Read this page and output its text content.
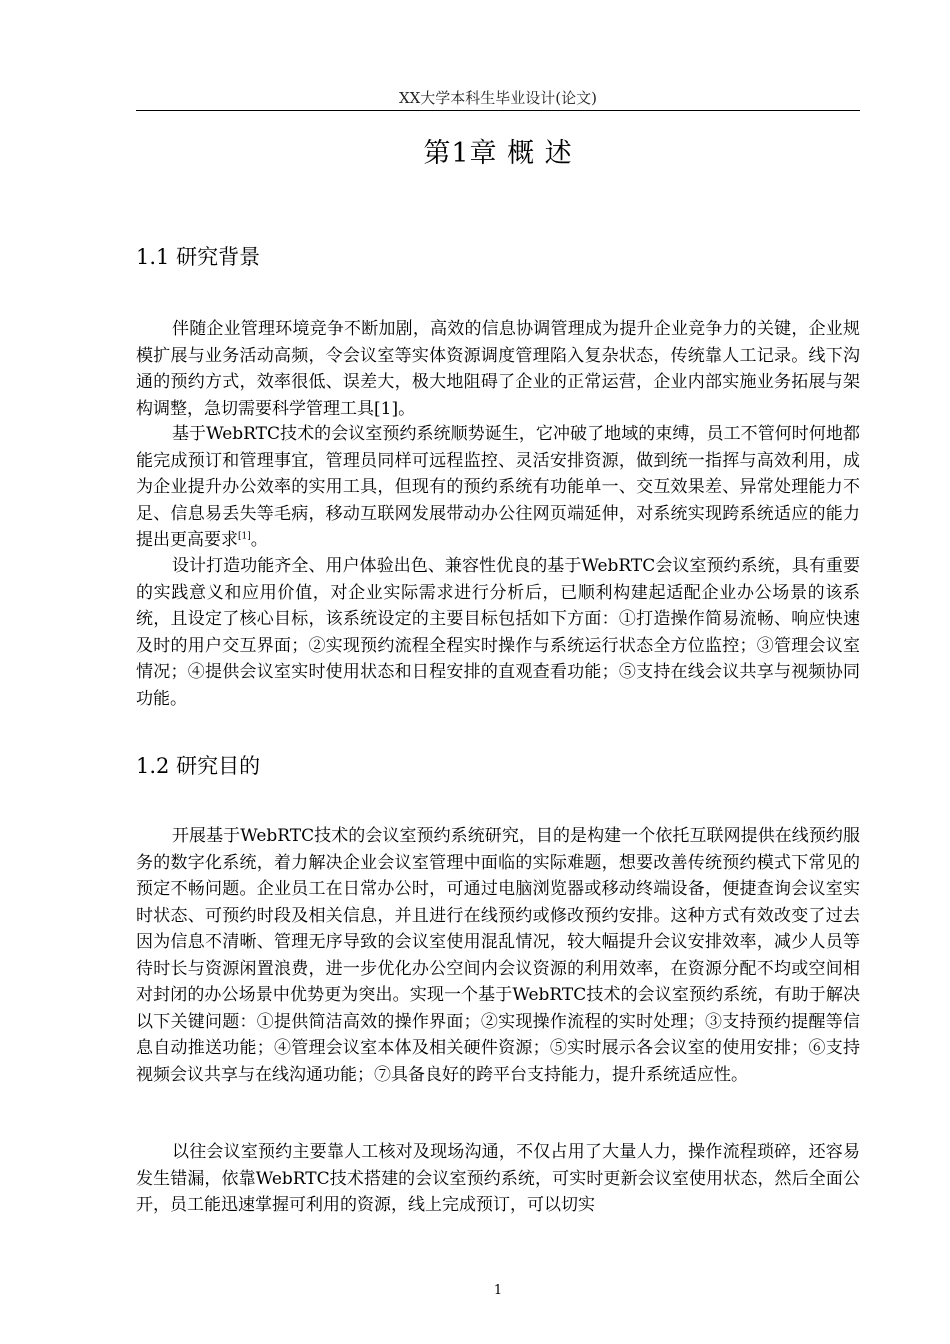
XX大学本科生毕业设计(论文)
第1章 概 述
1.1 研究背景

伴随企业管理环境竞争不断加剧，高效的信息协调管理成为提升企业竞争力的关键，企业规模扩展与业务活动高频，令会议室等实体资源调度管理陷入复杂状态，传统靠人工记录。线下沟通的预约方式，效率很低、误差大，极大地阻碍了企业的正常运营，企业内部实施业务拓展与架构调整，急切需要科学管理工具[1]。

基于WebRTC技术的会议室预约系统顺势诞生，它冲破了地域的束缚，员工不管何时何地都能完成预订和管理事宜，管理员同样可远程监控、灵活安排资源，做到统一指挥与高效利用，成为企业提升办公效率的实用工具，但现有的预约系统有功能单一、交互效果差、异常处理能力不足、信息易丢失等毛病，移动互联网发展带动办公往网页端延伸，对系统实现跨系统适应的能力提出更高要求[1]。

设计打造功能齐全、用户体验出色、兼容性优良的基于WebRTC会议室预约系统，具有重要的实践意义和应用价值，对企业实际需求进行分析后，已顺利构建起适配企业办公场景的该系统，且设定了核心目标，该系统设定的主要目标包括如下方面：①打造操作简易流畅、响应快速及时的用户交互界面；②实现预约流程全程实时操作与系统运行状态全方位监控；③管理会议室情况；④提供会议室实时使用状态和日程安排的直观查看功能；⑤支持在线会议共享与视频协同功能。

1.2 研究目的

开展基于WebRTC技术的会议室预约系统研究，目的是构建一个依托互联网提供在线预约服务的数字化系统，着力解决企业会议室管理中面临的实际难题，想要改善传统预约模式下常见的预定不畅问题。企业员工在日常办公时，可通过电脑浏览器或移动终端设备，便捷查询会议室实时状态、可预约时段及相关信息，并且进行在线预约或修改预约安排。这种方式有效改变了过去因为信息不清晰、管理无序导致的会议室使用混乱情况，较大幅提升会议安排效率，减少人员等待时长与资源闲置浪费，进一步优化办公空间内会议资源的利用效率，在资源分配不均或空间相对封闭的办公场景中优势更为突出。实现一个基于WebRTC技术的会议室预约系统，有助于解决以下关键问题：①提供简洁高效的操作界面；②实现操作流程的实时处理；③支持预约提醒等信息自动推送功能；④管理会议室本体及相关硬件资源；⑤实时展示各会议室的使用安排；⑥支持视频会议共享与在线沟通功能；⑦具备良好的跨平台支持能力，提升系统适应性。

以往会议室预约主要靠人工核对及现场沟通，不仅占用了大量人力，操作流程琐碎，还容易发生错漏，依靠WebRTC技术搭建的会议室预约系统，可实时更新会议室使用状态，然后全面公开，员工能迅速掌握可利用的资源，线上完成预订，可以切实

1
